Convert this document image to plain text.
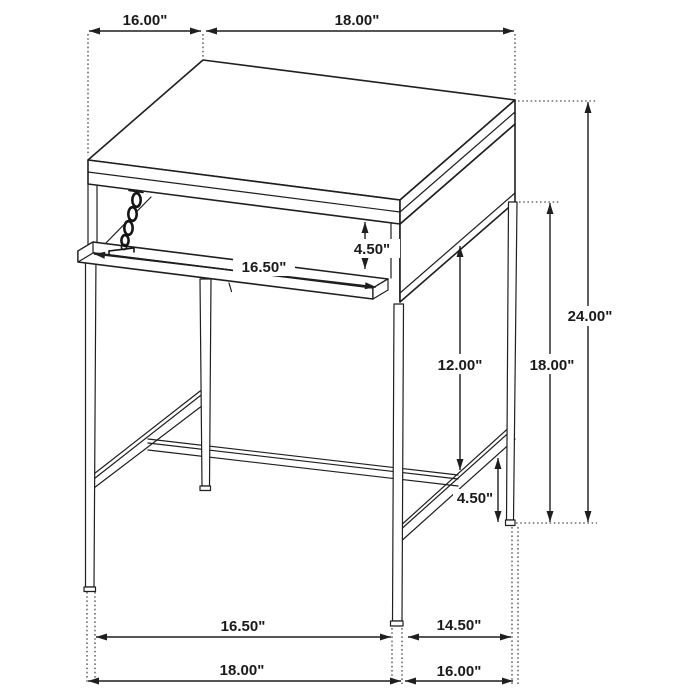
16.00"	18.00"
24.00"
18.00"
12.00"
4.50"
16.50"
4.50"
16.50"	14.50"
18.00"	16.00"
